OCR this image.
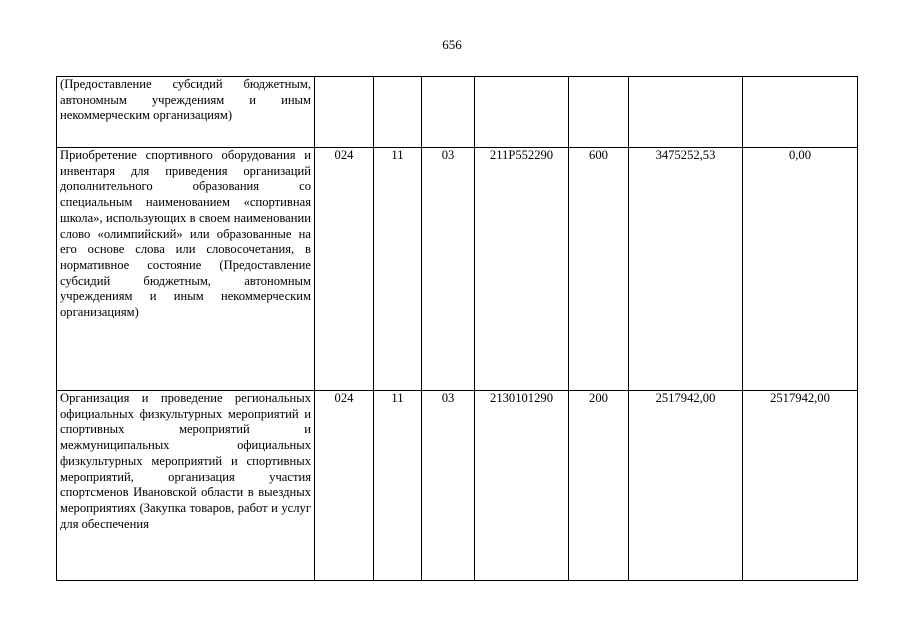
656
(Предоставление субсидий бюджетным, автономным учреждениям и иным некоммерческим организациям)							

Приобретение спортивного оборудования и инвентаря для приведения организаций дополнительного образования со специальным наименованием «спортивная школа», использующих в своем наименовании слово «олимпийский» или образованные на его основе слова или словосочетания, в нормативное состояние (Предоставление субсидий бюджетным, автономным учреждениям и иным некоммерческим организациям)	024	11	03	211P552290	600	3475252,53	0,00

Организация и проведение региональных официальных физкультурных мероприятий и спортивных мероприятий и межмуниципальных официальных физкультурных мероприятий и спортивных мероприятий, организация участия спортсменов Ивановской области в выездных мероприятиях (Закупка товаров, работ и услуг для обеспечения	024	11	03	2130101290	200	2517942,00	2517942,00
